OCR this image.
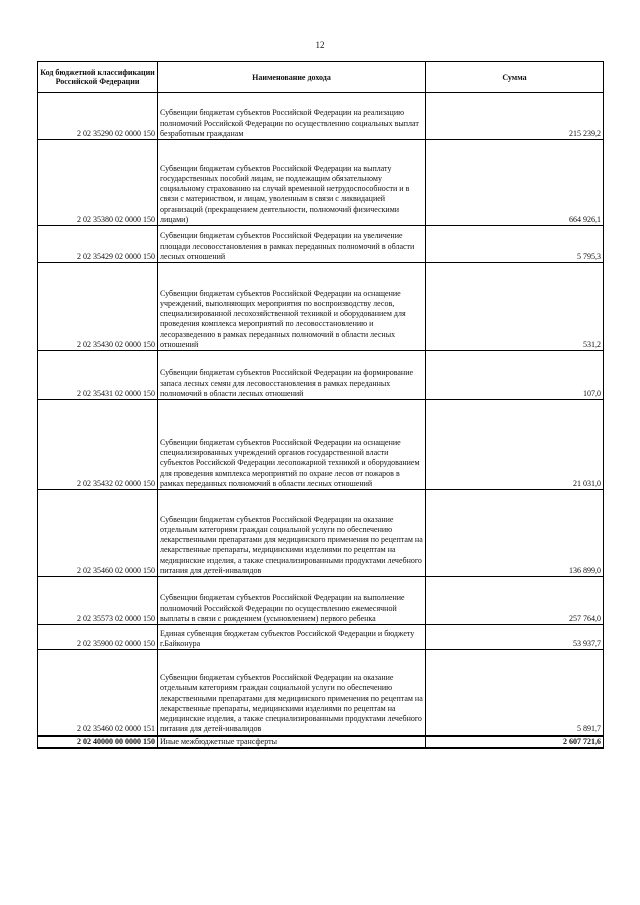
12
Код бюджетной классификации Российской Федерации	Наименование дохода	Сумма
2 02 35290 02 0000 150	Субвенции бюджетам субъектов Российской Федерации на реализацию полномочий Российской Федерации по осуществлению социальных выплат безработным гражданам	215 239,2
2 02 35380 02 0000 150	Субвенции бюджетам субъектов Российской Федерации на выплату государственных пособий лицам, не подлежащим обязательному социальному страхованию на случай временной нетрудоспособности и в связи с материнством, и лицам, уволенным в связи с ликвидацией организаций (прекращением деятельности, полномочий физическими лицами)	664 926,1
2 02 35429 02 0000 150	Субвенции бюджетам субъектов Российской Федерации на увеличение площади лесовосстановления в рамках переданных полномочий в области лесных отношений	5 795,3
2 02 35430 02 0000 150	Субвенции бюджетам субъектов Российской Федерации на оснащение учреждений, выполняющих мероприятия по воспроизводству лесов, специализированной лесохозяйственной техникой и оборудованием для проведения комплекса мероприятий по лесовосстановлению и лесоразведению в рамках переданных полномочий в области лесных отношений	531,2
2 02 35431 02 0000 150	Субвенции бюджетам субъектов Российской Федерации на формирование запаса лесных семян для лесовосстановления в рамках переданных полномочий в области лесных отношений	107,0
2 02 35432 02 0000 150	Субвенции бюджетам субъектов Российской Федерации на оснащение специализированных учреждений органов государственной власти субъектов Российской Федерации лесопожарной техникой и оборудованием для проведения комплекса мероприятий по охране лесов от пожаров в рамках переданных полномочий в области лесных отношений	21 031,0
2 02 35460 02 0000 150	Субвенции бюджетам субъектов Российской Федерации на оказание отдельным категориям граждан социальной услуги по обеспечению лекарственными препаратами для медицинского применения по рецептам на лекарственные препараты, медицинскими изделиями по рецептам на медицинские изделия, а также специализированными продуктами лечебного питания для детей-инвалидов	136 899,0
2 02 35573 02 0000 150	Субвенции бюджетам субъектов Российской Федерации на выполнение полномочий Российской Федерации по осуществлению ежемесячной выплаты в связи с рождением (усыновлением) первого ребенка	257 764,0
2 02 35900 02 0000 150	Единая субвенция бюджетам субъектов Российской Федерации и бюджету г.Байконура	53 937,7
2 02 35460 02 0000 151	Субвенции бюджетам субъектов Российской Федерации на оказание отдельным категориям граждан социальной услуги по обеспечению лекарственными препаратами для медицинского применения по рецептам на лекарственные препараты, медицинскими изделиями по рецептам на медицинские изделия, а также специализированными продуктами лечебного питания для детей-инвалидов	5 891,7
2 02 40000 00 0000 150	Иные межбюджетные трансферты	2 607 721,6
